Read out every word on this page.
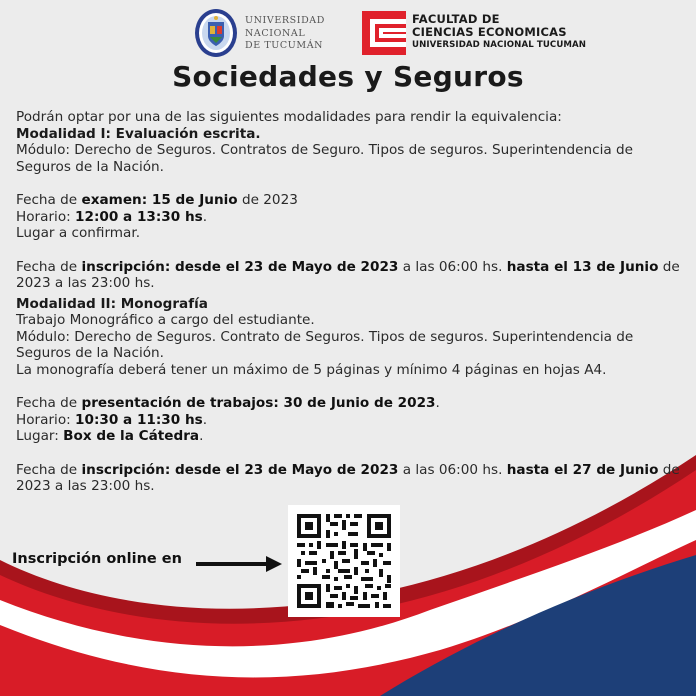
UNIVERSIDAD
NACIONAL
DE TUCUMÁN
FACULTAD DE
CIENCIAS ECONOMICAS
UNIVERSIDAD NACIONAL TUCUMAN
Sociedades y Seguros

Podrán optar por una de las siguientes modalidades para rendir la equivalencia:

Modalidad I: Evaluación escrita.

Módulo: Derecho de Seguros. Contratos de Seguro. Tipos de seguros. Superintendencia de Seguros de la Nación.

Fecha de examen: 15 de Junio de 2023

Horario: 12:00 a 13:30 hs.

Lugar a confirmar.

Fecha de inscripción: desde el 23 de Mayo de 2023 a las 06:00 hs. hasta el 13 de Junio de 2023 a las 23:00 hs.

Modalidad II: Monografía

Trabajo Monográfico a cargo del estudiante.

Módulo: Derecho de Seguros. Contrato de Seguros. Tipos de seguros. Superintendencia de Seguros de la Nación.

La monografía deberá tener un máximo de 5 páginas y mínimo 4 páginas en hojas A4.

Fecha de presentación de trabajos: 30 de Junio de 2023.

Horario: 10:30 a 11:30 hs.

Lugar: Box de la Cátedra.

Fecha de inscripción: desde el 23 de Mayo de 2023 a las 06:00 hs. hasta el 27 de Junio de 2023 a las 23:00 hs.

Inscripción online en
